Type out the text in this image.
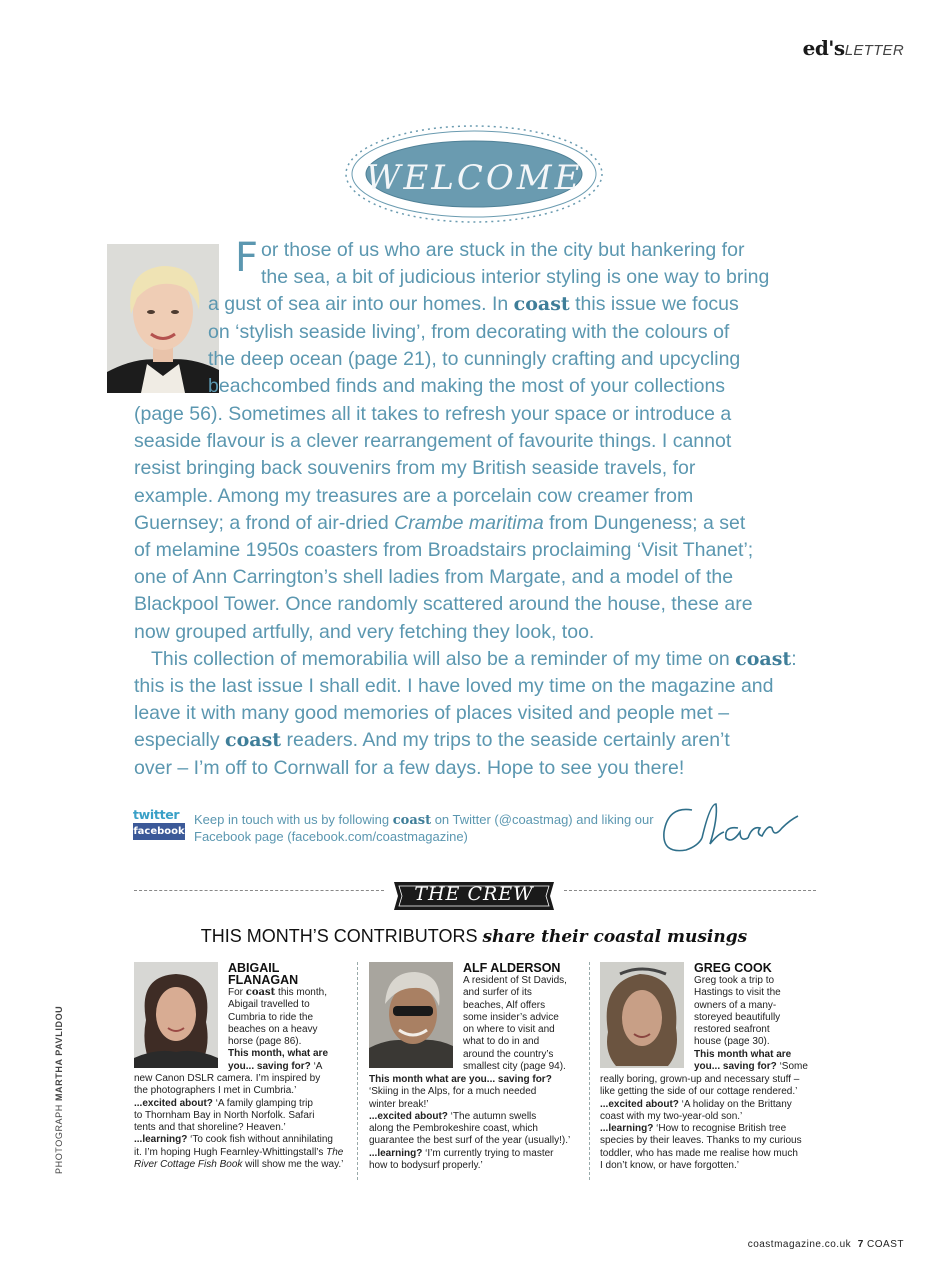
ed'sLETTER
WELCOME
F or those of us who are stuck in the city but hankering for

the sea, a bit of judicious interior styling is one way to bring

a gust of sea air into our homes. In coast this issue we focus

on ‘stylish seaside living’, from decorating with the colours of

the deep ocean (page 21), to cunningly crafting and upcycling

beachcombed finds and making the most of your collections

(page 56). Sometimes all it takes to refresh your space or introduce a

seaside flavour is a clever rearrangement of favourite things. I cannot

resist bringing back souvenirs from my British seaside travels, for

example. Among my treasures are a porcelain cow creamer from

Guernsey; a frond of air-dried Crambe maritima from Dungeness; a set

of melamine 1950s coasters from Broadstairs proclaiming ‘Visit Thanet’;

one of Ann Carrington’s shell ladies from Margate, and a model of the

Blackpool Tower. Once randomly scattered around the house, these are

now grouped artfully, and very fetching they look, too.

This collection of memorabilia will also be a reminder of my time on coast:

this is the last issue I shall edit. I have loved my time on the magazine and

leave it with many good memories of places visited and people met –

especially coast readers. And my trips to the seaside certainly aren’t

over – I’m off to Cornwall for a few days. Hope to see you there!

twitter
facebook
Keep in touch with us by following coast on Twitter (@coastmag) and liking our
Facebook page (facebook.com/coastmagazine)
THE CREW
THIS MONTH’S CONTRIBUTORS share their coastal musings
ABIGAIL
FLANAGAN

For coast this month,

Abigail travelled to

Cumbria to ride the

beaches on a heavy

horse (page 86).

This month, what are

you... saving for? ‘A

new Canon DSLR camera. I’m inspired by

the photographers I met in Cumbria.’

...excited about? ‘A family glamping trip

to Thornham Bay in North Norfolk. Safari

tents and that shoreline? Heaven.’

...learning? ‘To cook fish without annihilating

it. I’m hoping Hugh Fearnley-Whittingstall’s The

River Cottage Fish Book will show me the way.’

ALF ALDERSON

A resident of St Davids,

and surfer of its

beaches, Alf offers

some insider’s advice

on where to visit and

what to do in and

around the country’s

smallest city (page 94).

This month what are you... saving for?

‘Skiing in the Alps, for a much needed

winter break!’

...excited about? ‘The autumn swells

along the Pembrokeshire coast, which

guarantee the best surf of the year (usually!).’

...learning? ‘I’m currently trying to master

how to bodysurf properly.’

GREG COOK

Greg took a trip to

Hastings to visit the

owners of a many-

storeyed beautifully

restored seafront

house (page 30).

This month what are

you... saving for? ‘Some

really boring, grown-up and necessary stuff –

like getting the side of our cottage rendered.’

...excited about? ‘A holiday on the Brittany

coast with my two-year-old son.’

...learning? ‘How to recognise British tree

species by their leaves. Thanks to my curious

toddler, who has made me realise how much

I don’t know, or have forgotten.’

PHOTOGRAPH MARTHA PAVLIDOU
coastmagazine.co.uk 7 COAST
